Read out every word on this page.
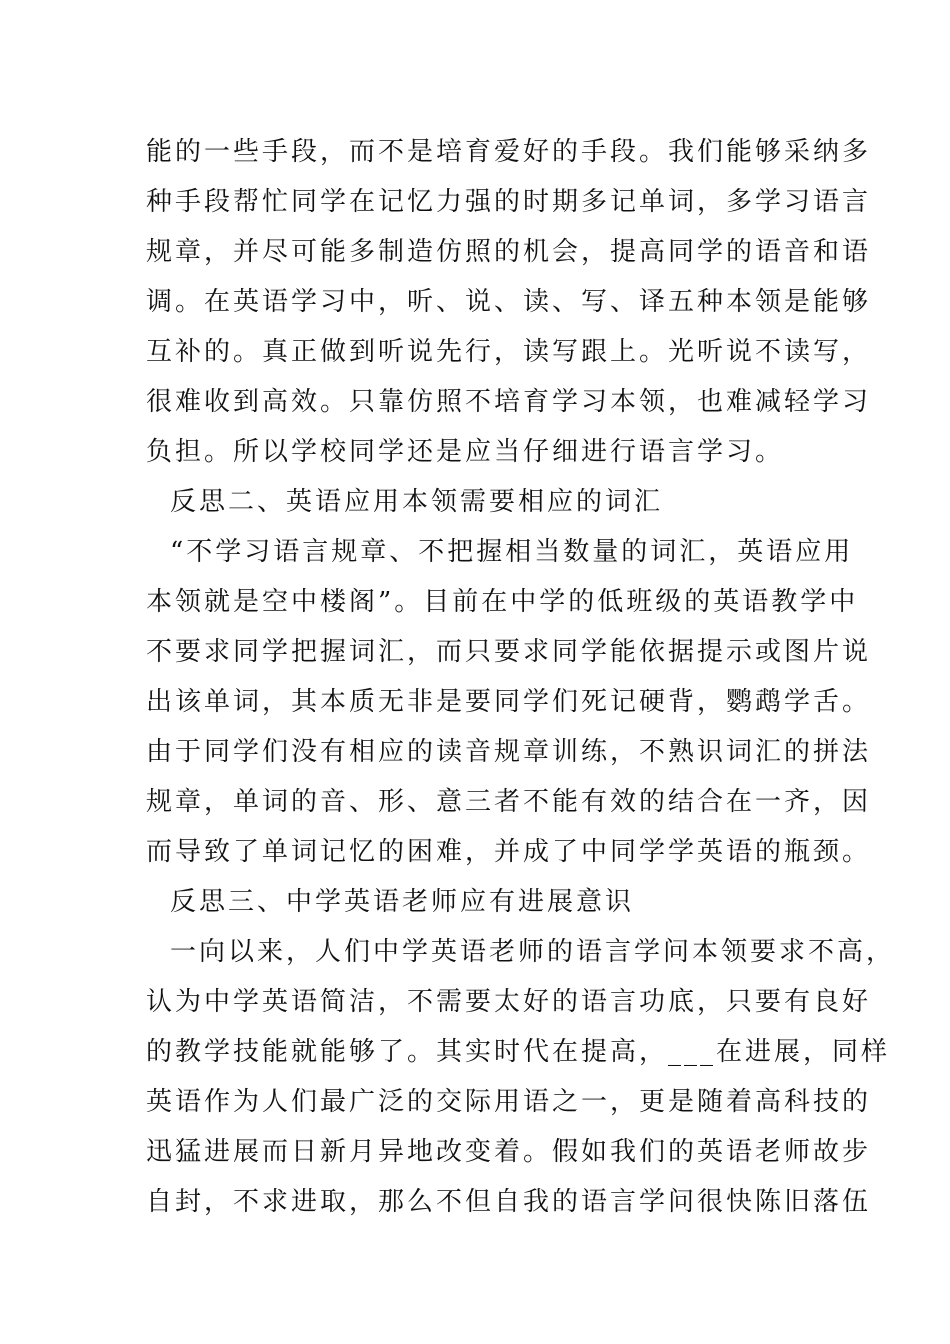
能的一些手段，而不是培育爱好的手段。我们能够采纳多
种手段帮忙同学在记忆力强的时期多记单词，多学习语言
规章，并尽可能多制造仿照的机会，提高同学的语音和语
调。在英语学习中，听、说、读、写、译五种本领是能够
互补的。真正做到听说先行，读写跟上。光听说不读写，
很难收到高效。只靠仿照不培育学习本领，也难减轻学习
负担。所以学校同学还是应当仔细进行语言学习。
反思二、英语应用本领需要相应的词汇
“不学习语言规章、不把握相当数量的词汇，英语应用
本领就是空中楼阁”。目前在中学的低班级的英语教学中
不要求同学把握词汇，而只要求同学能依据提示或图片说
出该单词，其本质无非是要同学们死记硬背，鹦鹉学舌。
由于同学们没有相应的读音规章训练，不熟识词汇的拼法
规章，单词的音、形、意三者不能有效的结合在一齐，因
而导致了单词记忆的困难，并成了中同学学英语的瓶颈。
反思三、中学英语老师应有进展意识
一向以来，人们中学英语老师的语言学问本领要求不高，
认为中学英语简洁，不需要太好的语言功底，只要有良好
的教学技能就能够了。其实时代在提高，___在进展，同样
英语作为人们最广泛的交际用语之一，更是随着高科技的
迅猛进展而日新月异地改变着。假如我们的英语老师故步
自封，不求进取，那么不但自我的语言学问很快陈旧落伍
